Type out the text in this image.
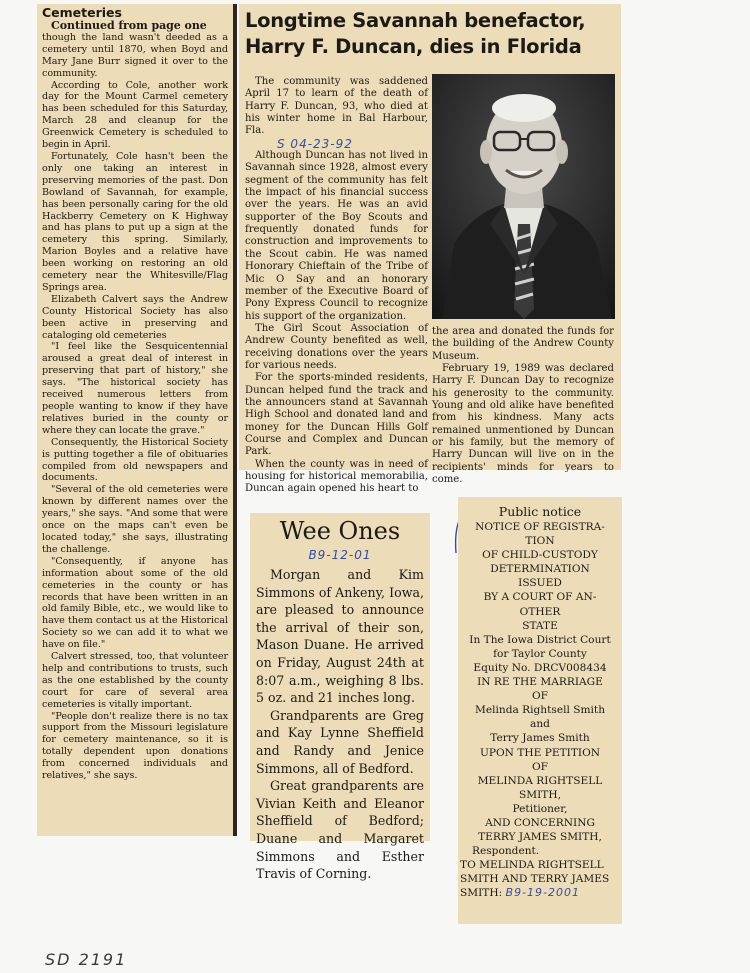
Cemeteries

Continued from page one

though the land wasn't deeded as a cemetery until 1870, when Boyd and Mary Jane Burr signed it over to the community.

According to Cole, another work day for the Mount Carmel cemetery has been scheduled for this Saturday, March 28 and cleanup for the Greenwick Cemetery is scheduled to begin in April.

Fortunately, Cole hasn't been the only one taking an interest in preserving memories of the past. Don Bowland of Savannah, for example, has been personally caring for the old Hackberry Cemetery on K Highway and has plans to put up a sign at the cemetery this spring. Similarly, Marion Boyles and a relative have been working on restoring an old cemetery near the Whitesville/Flag Springs area.

Elizabeth Calvert says the Andrew County Historical Society has also been active in preserving and cataloging old cemeteries

"I feel like the Sesquicentennial aroused a great deal of interest in preserving that part of history," she says. "The historical society has received numerous letters from people wanting to know if they have relatives buried in the county or where they can locate the grave."

Consequently, the Historical Society is putting together a file of obituaries compiled from old newspapers and documents.

"Several of the old cemeteries were known by different names over the years," she says. "And some that were once on the maps can't even be located today," she says, illustrating the challenge.

"Consequently, if anyone has information about some of the old cemeteries in the county or has records that have been written in an old family Bible, etc., we would like to have them contact us at the Historical Society so we can add it to what we have on file."

Calvert stressed, too, that volunteer help and contributions to trusts, such as the one established by the county court for care of several area cemeteries is vitally important.

"People don't realize there is no tax support from the Missouri legislature for cemetery maintenance, so it is totally dependent upon donations from concerned individuals and relatives," she says.

Longtime Savannah benefactor,
Harry F. Duncan, dies in Florida

The community was saddened April 17 to learn of the death of Harry F. Duncan, 93, who died at his winter home in Bal Harbour, Fla.

S 04-23-92

Although Duncan has not lived in Savannah since 1928, almost every segment of the community has felt the impact of his financial success over the years. He was an avid supporter of the Boy Scouts and frequently donated funds for construction and improvements to the Scout cabin. He was named Honorary Chieftain of the Tribe of Mic O Say and an honorary member of the Executive Board of Pony Express Council to recognize his support of the organization.

The Girl Scout Association of Andrew County benefited as well, receiving donations over the years for various needs.

For the sports-minded residents, Duncan helped fund the track and the announcers stand at Savannah High School and donated land and money for the Duncan Hills Golf Course and Complex and Duncan Park.

When the county was in need of housing for historical memorabilia, Duncan again opened his heart to

the area and donated the funds for the building of the Andrew County Museum.

February 19, 1989 was declared Harry F. Duncan Day to recognize his generosity to the community. Young and old alike have benefited from his kindness. Many acts remained unmentioned by Duncan or his family, but the memory of Harry Duncan will live on in the recipients' minds for years to come.

Wee Ones

B9-12-01

Morgan and Kim Simmons of Ankeny, Iowa, are pleased to announce the arrival of their son, Mason Duane. He arrived on Friday, August 24th at 8:07 a.m., weighing 8 lbs. 5 oz. and 21 inches long.

Grandparents are Greg and Kay Lynne Sheffield and Randy and Jenice Simmons, all of Bedford.

Great grandparents are Vivian Keith and Eleanor Sheffield of Bedford; Duane and Margaret Simmons and Esther Travis of Corning.

Public notice

NOTICE OF REGISTRA-

TION

OF CHILD-CUSTODY

DETERMINATION

ISSUED

BY A COURT OF AN-

OTHER

STATE

In The Iowa District Court

for Taylor County

Equity No. DRCV008434

IN RE THE MARRIAGE

OF

Melinda Rightsell Smith

and

Terry James Smith

UPON THE PETITION

OF

MELINDA RIGHTSELL

SMITH,

Petitioner,

AND CONCERNING

TERRY JAMES SMITH,

Respondent.

TO MELINDA RIGHTSELL

SMITH AND TERRY JAMES

SMITH: B9-19-2001

SD 2191
